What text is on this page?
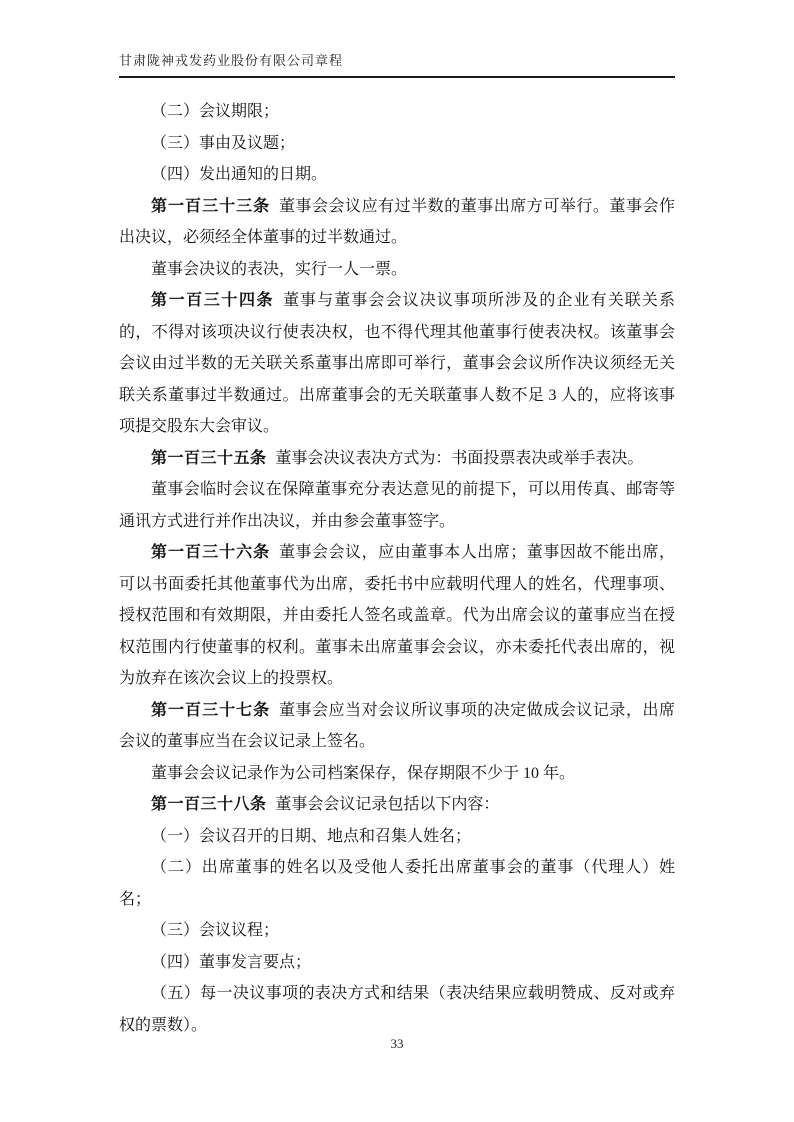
甘肃陇神戎发药业股份有限公司章程

（二）会议期限；

（三）事由及议题；

（四）发出通知的日期。

第一百三十三条 董事会会议应有过半数的董事出席方可举行。董事会作出决议，必须经全体董事的过半数通过。

董事会决议的表决，实行一人一票。

第一百三十四条 董事与董事会会议决议事项所涉及的企业有关联关系的，不得对该项决议行使表决权，也不得代理其他董事行使表决权。该董事会会议由过半数的无关联关系董事出席即可举行，董事会会议所作决议须经无关联关系董事过半数通过。出席董事会的无关联董事人数不足 3 人的，应将该事项提交股东大会审议。

第一百三十五条 董事会决议表决方式为：书面投票表决或举手表决。

董事会临时会议在保障董事充分表达意见的前提下，可以用传真、邮寄等通讯方式进行并作出决议，并由参会董事签字。

第一百三十六条 董事会会议，应由董事本人出席；董事因故不能出席，可以书面委托其他董事代为出席，委托书中应载明代理人的姓名，代理事项、授权范围和有效期限，并由委托人签名或盖章。代为出席会议的董事应当在授权范围内行使董事的权利。董事未出席董事会会议，亦未委托代表出席的，视为放弃在该次会议上的投票权。

第一百三十七条 董事会应当对会议所议事项的决定做成会议记录，出席会议的董事应当在会议记录上签名。

董事会会议记录作为公司档案保存，保存期限不少于 10 年。

第一百三十八条 董事会会议记录包括以下内容：

（一）会议召开的日期、地点和召集人姓名；

（二）出席董事的姓名以及受他人委托出席董事会的董事（代理人）姓名；

（三）会议议程；

（四）董事发言要点；

（五）每一决议事项的表决方式和结果（表决结果应载明赞成、反对或弃权的票数）。

33
